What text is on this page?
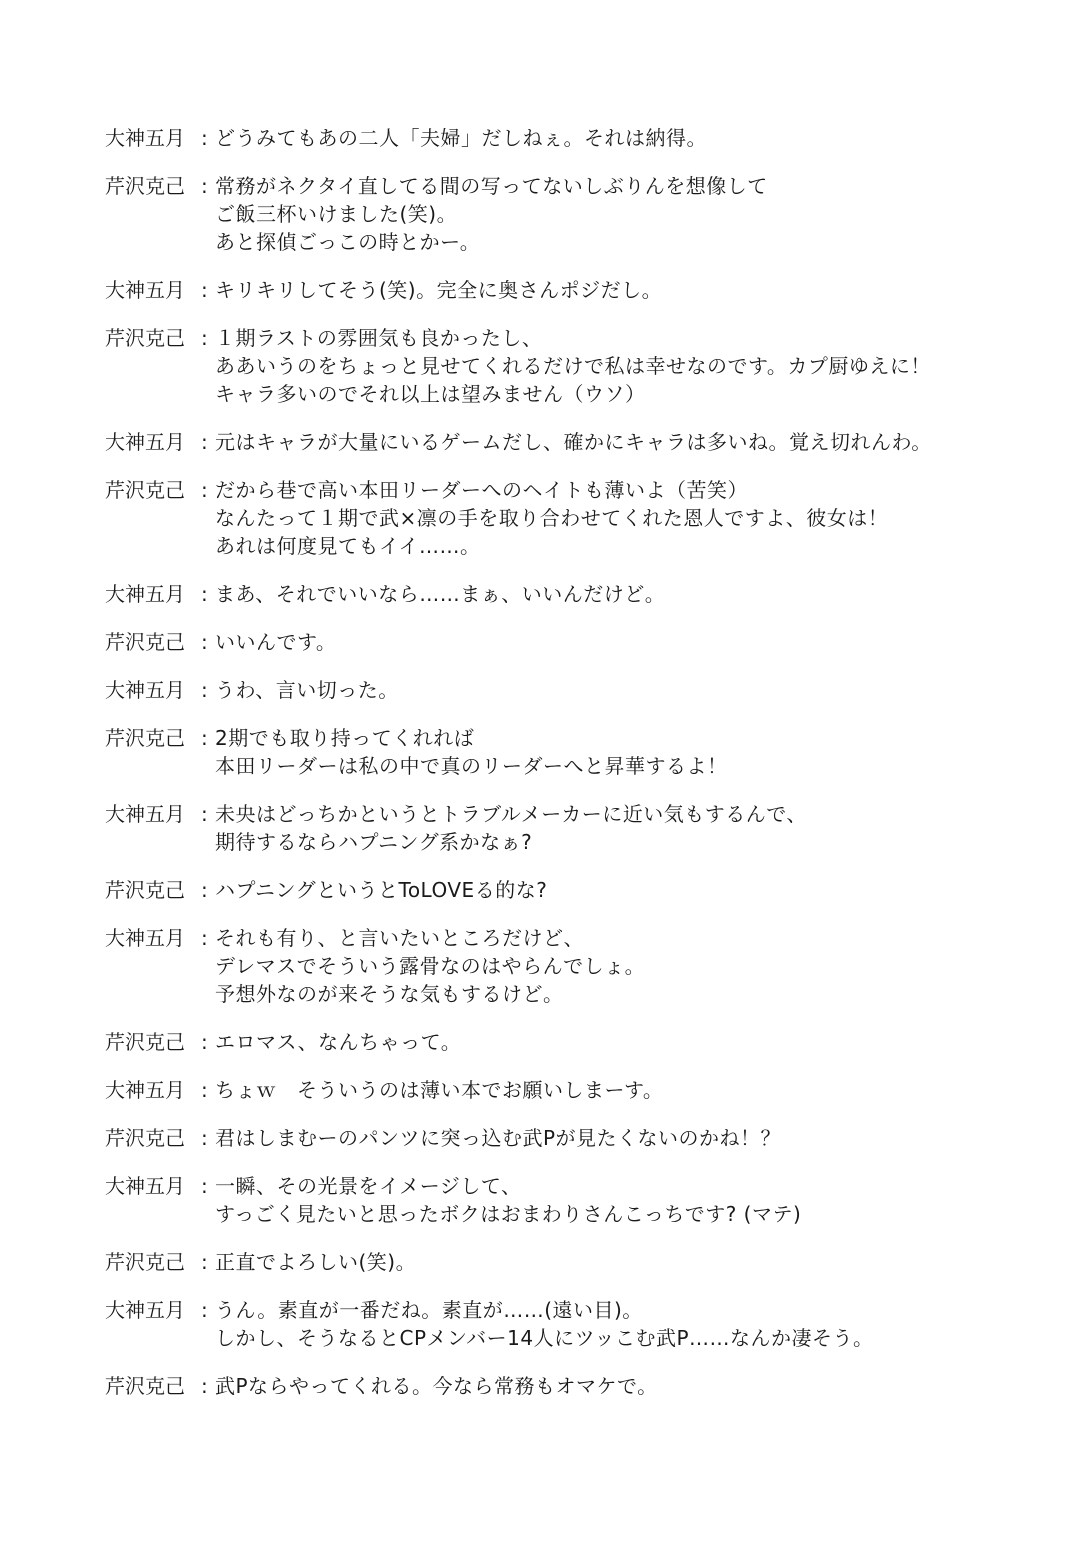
大神五月 : どうみてもあの二人「夫婦」だしねぇ。それは納得。
芹沢克己 : 常務がネクタイ直してる間の写ってないしぶりんを想像して
ご飯三杯いけました(笑)。
あと探偵ごっこの時とかー。
大神五月 : キリキリしてそう(笑)。完全に奥さんポジだし。
芹沢克己 : １期ラストの雰囲気も良かったし、
ああいうのをちょっと見せてくれるだけで私は幸せなのです。カプ厨ゆえに！
キャラ多いのでそれ以上は望みません（ウソ）
大神五月 : 元はキャラが大量にいるゲームだし、確かにキャラは多いね。覚え切れんわ。
芹沢克己 : だから巷で高い本田リーダーへのヘイトも薄いよ（苦笑）
なんたって１期で武×凛の手を取り合わせてくれた恩人ですよ、彼女は！
あれは何度見てもイイ……。
大神五月 : まあ、それでいいなら……まぁ、いいんだけど。
芹沢克己 : いいんです。
大神五月 : うわ、言い切った。
芹沢克己 : 2期でも取り持ってくれれば
本田リーダーは私の中で真のリーダーへと昇華するよ！
大神五月 : 未央はどっちかというとトラブルメーカーに近い気もするんで、
期待するならハプニング系かなぁ?
芹沢克己 : ハプニングというとToLOVEる的な?
大神五月 : それも有り、と言いたいところだけど、
デレマスでそういう露骨なのはやらんでしょ。
予想外なのが来そうな気もするけど。
芹沢克己 : エロマス、なんちゃって。
大神五月 : ちょｗ　そういうのは薄い本でお願いしまーす。
芹沢克己 : 君はしまむーのパンツに突っ込む武Pが見たくないのかね！？
大神五月 : 一瞬、その光景をイメージして、
すっごく見たいと思ったボクはおまわりさんこっちです? (マテ)
芹沢克己 : 正直でよろしい(笑)。
大神五月 : うん。素直が一番だね。素直が……(遠い目)。
しかし、そうなるとCPメンバー14人にツッこむ武P……なんか凄そう。
芹沢克己 : 武Pならやってくれる。今なら常務もオマケで。
